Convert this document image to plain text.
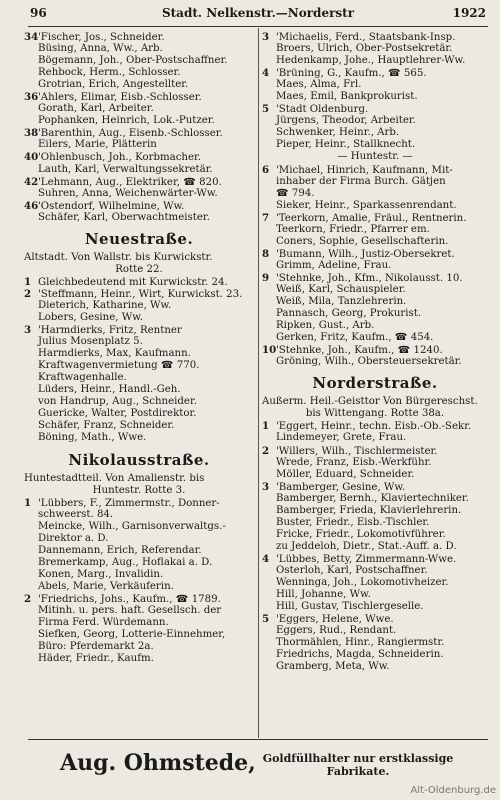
96	Stadt. Nelkenstr.—Norderstr	1922
34'Fischer, Jos., Schneider.
Büsing, Anna, Ww., Arb.
Bögemann, Joh., Ober-Postschaffner.
Rehbock, Herm., Schlosser.
Grotrian, Erich, Angestellter.
36'Ahlers, Elimar, Eisb.-Schlosser.
Gorath, Karl, Arbeiter.
Pophanken, Heinrich, Lok.-Putzer.
38'Barenthin, Aug., Eisenb.-Schlosser.
Eilers, Marie, Plätterin
40'Ohlenbusch, Joh., Korbmacher.
Lauth, Karl, Verwaltungssekretär.
42'Lehmann, Aug., Elektriker, ☎ 820.
Suhren, Anna, Weichenwärter-Ww.
46'Ostendorf, Wilhelmine, Ww.
Schäfer, Karl, Oberwachtmeister.
Neuestraße.
Altstadt. Von Wallstr. bis Kurwickstr.
Rotte 22.
1 Gleichbedeutend mit Kurwickstr. 24.
2 'Steffmann, Heinr., Wirt, Kurwickst. 23.
Dieterich, Katharine, Ww.
Lobers, Gesine, Ww.
3 'Harmdierks, Fritz, Rentner
Julius Mosenplatz 5.
Harmdierks, Max, Kaufmann.
Kraftwagenvermietung ☎ 770.
Kraftwagenhalle.
Lüders, Heinr., Handl.-Geh.
von Handrup, Aug., Schneider.
Guericke, Walter, Postdirektor.
Schäfer, Franz, Schneider.
Böning, Math., Wwe.
Nikolausstraße.
Huntestadtteil. Von Amalienstr. bis
Huntestr. Rotte 3.
1 'Lübbers, F., Zimmermstr., Donner-
schweerst. 84.
Meincke, Wilh., Garnisonverwaltgs.-
Direktor a. D.
Dannemann, Erich, Referendar.
Bremerkamp, Aug., Hoflakai a. D.
Konen, Marg., Invalidin.
Abels, Marie, Verkäuferin.
2 'Friedrichs, Johs., Kaufm., ☎ 1789.
Mitinh. u. pers. haft. Gesellsch. der
Firma Ferd. Würdemann.
Siefken, Georg, Lotterie-Einnehmer,
Büro: Pferdemarkt 2a.
Häder, Friedr., Kaufm.
3 'Michaelis, Ferd., Staatsbank-Insp.
Broers, Ulrich, Ober-Postsekretär.
Hedenkamp, Johe., Hauptlehrer-Ww.
4 'Brüning, G., Kaufm., ☎ 565.
Maes, Alma, Frl.
Maes, Emil, Bankprokurist.
5 'Stadt Oldenburg.
Jürgens, Theodor, Arbeiter.
Schwenker, Heinr., Arb.
Pieper, Heinr., Stallknecht.
— Huntestr. —
6 'Michael, Hinrich, Kaufmann, Mit-
inhaber der Firma Burch. Gätjen
☎ 794.
Sieker, Heinr., Sparkassenrendant.
7 'Teerkorn, Amalie, Fräul., Rentnerin.
Teerkorn, Friedr., Pfarrer em.
Coners, Sophie, Gesellschafterin.
8 'Bumann, Wilh., Justiz-Obersekret.
Grimm, Adeline, Frau.
9 'Stehnke, Joh., Kfm., Nikolausst. 10.
Weiß, Karl, Schauspieler.
Weiß, Mila, Tanzlehrerin.
Pannasch, Georg, Prokurist.
Ripken, Gust., Arb.
Gerken, Fritz, Kaufm., ☎ 454.
10'Stehnke, Joh., Kaufm., ☎ 1240.
Gröning, Wilh., Obersteuersekretär.
Norderstraße.
Außerm. Heil.-Geisttor Von Bürgereschst.
bis Wittengang. Rotte 38a.
1 'Eggert, Heinr., techn. Eisb.-Ob.-Sekr.
Lindemeyer, Grete, Frau.
2 'Willers, Wilh., Tischlermeister.
Wrede, Franz, Eisb.-Werkführ.
Möller, Eduard, Schneider.
3 'Bamberger, Gesine, Ww.
Bamberger, Bernh., Klaviertechniker.
Bamberger, Frieda, Klavierlehrerin.
Buster, Friedr., Eisb.-Tischler.
Fricke, Friedr., Lokomotivführer.
zu Jeddeloh, Dietr., Stat.-Auff. a. D.
4 'Lübbes, Betty, Zimmermann-Wwe.
Osterloh, Karl, Postschaffner.
Wenninga, Joh., Lokomotivheizer.
Hill, Johanne, Ww.
Hill, Gustav, Tischlergeselle.
5 'Eggers, Helene, Wwe.
Eggers, Rud., Rendant.
Thormählen, Hinr., Rangiermstr.
Friedrichs, Magda, Schneiderin.
Gramberg, Meta, Ww.
Aug. Ohmstede, Goldfüllhalter nur erstklassige Fabrikate.
Alt-Oldenburg.de
